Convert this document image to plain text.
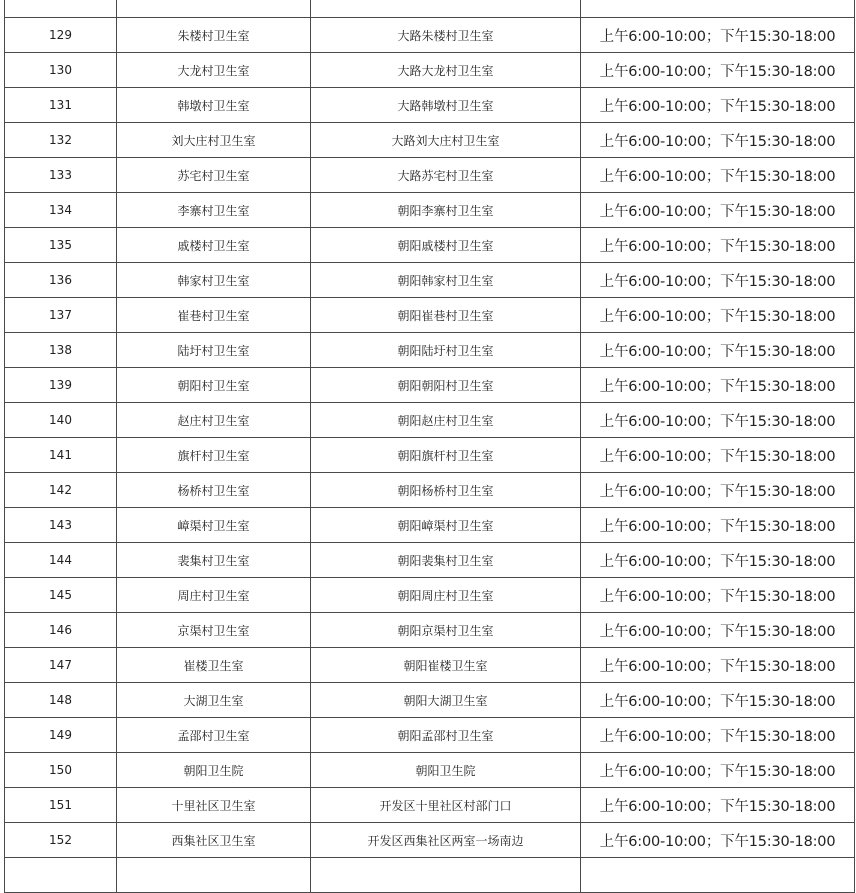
129	朱楼村卫生室	大路朱楼村卫生室	上午6:00-10:00；下午15:30-18:00
130	大龙村卫生室	大路大龙村卫生室	上午6:00-10:00；下午15:30-18:00
131	韩墩村卫生室	大路韩墩村卫生室	上午6:00-10:00；下午15:30-18:00
132	刘大庄村卫生室	大路刘大庄村卫生室	上午6:00-10:00；下午15:30-18:00
133	苏宅村卫生室	大路苏宅村卫生室	上午6:00-10:00；下午15:30-18:00
134	李寨村卫生室	朝阳李寨村卫生室	上午6:00-10:00；下午15:30-18:00
135	戚楼村卫生室	朝阳戚楼村卫生室	上午6:00-10:00；下午15:30-18:00
136	韩家村卫生室	朝阳韩家村卫生室	上午6:00-10:00；下午15:30-18:00
137	崔巷村卫生室	朝阳崔巷村卫生室	上午6:00-10:00；下午15:30-18:00
138	陆圩村卫生室	朝阳陆圩村卫生室	上午6:00-10:00；下午15:30-18:00
139	朝阳村卫生室	朝阳朝阳村卫生室	上午6:00-10:00；下午15:30-18:00
140	赵庄村卫生室	朝阳赵庄村卫生室	上午6:00-10:00；下午15:30-18:00
141	旗杆村卫生室	朝阳旗杆村卫生室	上午6:00-10:00；下午15:30-18:00
142	杨桥村卫生室	朝阳杨桥村卫生室	上午6:00-10:00；下午15:30-18:00
143	嶂渠村卫生室	朝阳嶂渠村卫生室	上午6:00-10:00；下午15:30-18:00
144	裴集村卫生室	朝阳裴集村卫生室	上午6:00-10:00；下午15:30-18:00
145	周庄村卫生室	朝阳周庄村卫生室	上午6:00-10:00；下午15:30-18:00
146	京渠村卫生室	朝阳京渠村卫生室	上午6:00-10:00；下午15:30-18:00
147	崔楼卫生室	朝阳崔楼卫生室	上午6:00-10:00；下午15:30-18:00
148	大湖卫生室	朝阳大湖卫生室	上午6:00-10:00；下午15:30-18:00
149	孟邵村卫生室	朝阳孟邵村卫生室	上午6:00-10:00；下午15:30-18:00
150	朝阳卫生院	朝阳卫生院	上午6:00-10:00；下午15:30-18:00
151	十里社区卫生室	开发区十里社区村部门口	上午6:00-10:00；下午15:30-18:00
152	西集社区卫生室	开发区西集社区两室一场南边	上午6:00-10:00；下午15:30-18:00
